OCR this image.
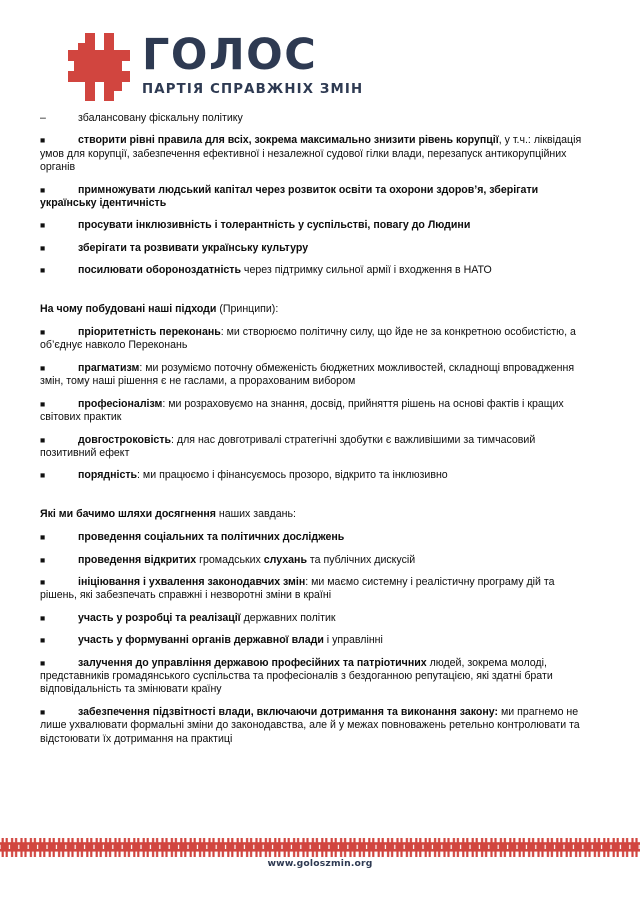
ГОЛОС
ПАРТІЯ СПРАВЖНІХ ЗМІН
–	збалансовану фіскальну політику
■	створити рівні правила для всіх, зокрема максимально знизити рівень корупції, у т.ч.: ліквідація умов для корупції, забезпечення ефективної і незалежної судової гілки влади, перезапуск антикорупційних органів
■	примножувати людський капітал через розвиток освіти та охорони здоров’я, зберігати українську ідентичність
■	просувати інклюзивність і толерантність у суспільстві, повагу до Людини
■	зберігати та розвивати українську культуру
■	посилювати обороноздатність через підтримку сильної армії і входження в НАТО
На чому побудовані наші підходи (Принципи):
■	пріоритетність переконань: ми створюємо політичну силу, що йде не за конкретною особистістю, а об’єднує навколо Переконань
■	прагматизм: ми розуміємо поточну обмеженість бюджетних можливостей, складнощі впровадження змін, тому наші рішення є не гаслами, а прорахованим вибором
■	професіоналізм: ми розраховуємо на знання, досвід, прийняття рішень на основі фактів і кращих світових практик
■	довгостроковість: для нас довготривалі стратегічні здобутки є важливішими за тимчасовий позитивний ефект
■	порядність: ми працюємо і фінансуємось прозоро, відкрито та інклюзивно
Які ми бачимо шляхи досягнення наших завдань:
■	проведення соціальних та політичних досліджень
■	проведення відкритих громадських слухань та публічних дискусій
■	ініціювання і ухвалення законодавчих змін: ми маємо системну і реалістичну програму дій та рішень, які забезпечать справжні і незворотні зміни в країні
■	участь у розробці та реалізації державних політик
■	участь у формуванні органів державної влади і управлінні
■	залучення до управління державою професійних та патріотичних людей, зокрема молоді, представників громадянського суспільства та професіоналів з бездоганною репутацією, які здатні брати відповідальність та змінювати країну
■	забезпечення підзвітності влади, включаючи дотримання та виконання закону: ми прагнемо не лише ухвалювати формальні зміни до законодавства, але й у межах повноважень ретельно контролювати та відстоювати їх дотримання на практиці
www.goloszmin.org
